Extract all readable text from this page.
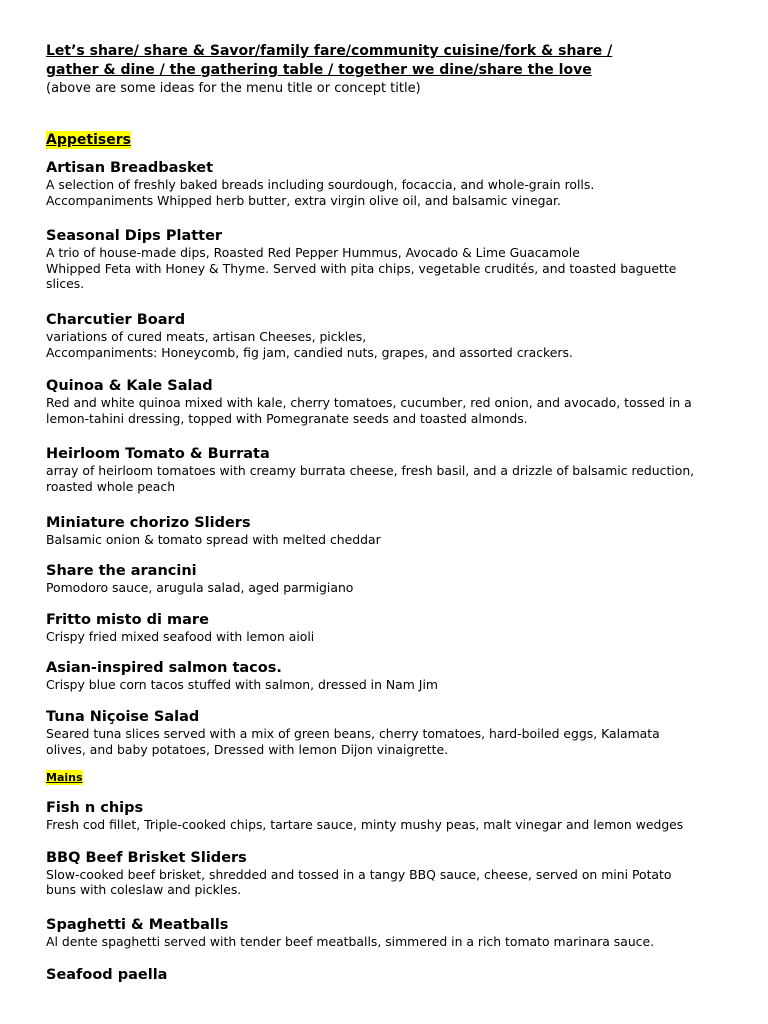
Let’s share/ share & Savor/family fare/community cuisine/fork & share /

gather & dine / the gathering table / together we dine/share the love

(above are some ideas for the menu title or concept title)

Appetisers

Artisan Breadbasket

A selection of freshly baked breads including sourdough, focaccia, and whole-grain rolls.
Accompaniments Whipped herb butter, extra virgin olive oil, and balsamic vinegar.

Seasonal Dips Platter

A trio of house-made dips, Roasted Red Pepper Hummus, Avocado & Lime Guacamole
Whipped Feta with Honey & Thyme. Served with pita chips, vegetable crudités, and toasted baguette
slices.

Charcutier Board

variations of cured meats, artisan Cheeses, pickles,
Accompaniments: Honeycomb, fig jam, candied nuts, grapes, and assorted crackers.

Quinoa & Kale Salad

Red and white quinoa mixed with kale, cherry tomatoes, cucumber, red onion, and avocado, tossed in a
lemon-tahini dressing, topped with Pomegranate seeds and toasted almonds.

Heirloom Tomato & Burrata

array of heirloom tomatoes with creamy burrata cheese, fresh basil, and a drizzle of balsamic reduction,
roasted whole peach

Miniature chorizo Sliders

Balsamic onion & tomato spread with melted cheddar

Share the arancini

Pomodoro sauce, arugula salad, aged parmigiano

Fritto misto di mare

Crispy fried mixed seafood with lemon aioli

Asian-inspired salmon tacos.

Crispy blue corn tacos stuffed with salmon, dressed in Nam Jim

Tuna Niçoise Salad

Seared tuna slices served with a mix of green beans, cherry tomatoes, hard-boiled eggs, Kalamata
olives, and baby potatoes, Dressed with lemon Dijon vinaigrette.

Mains

Fish n chips

Fresh cod fillet, Triple-cooked chips, tartare sauce, minty mushy peas, malt vinegar and lemon wedges

BBQ Beef Brisket Sliders

Slow-cooked beef brisket, shredded and tossed in a tangy BBQ sauce, cheese, served on mini Potato
buns with coleslaw and pickles.

Spaghetti & Meatballs

Al dente spaghetti served with tender beef meatballs, simmered in a rich tomato marinara sauce.

Seafood paella
